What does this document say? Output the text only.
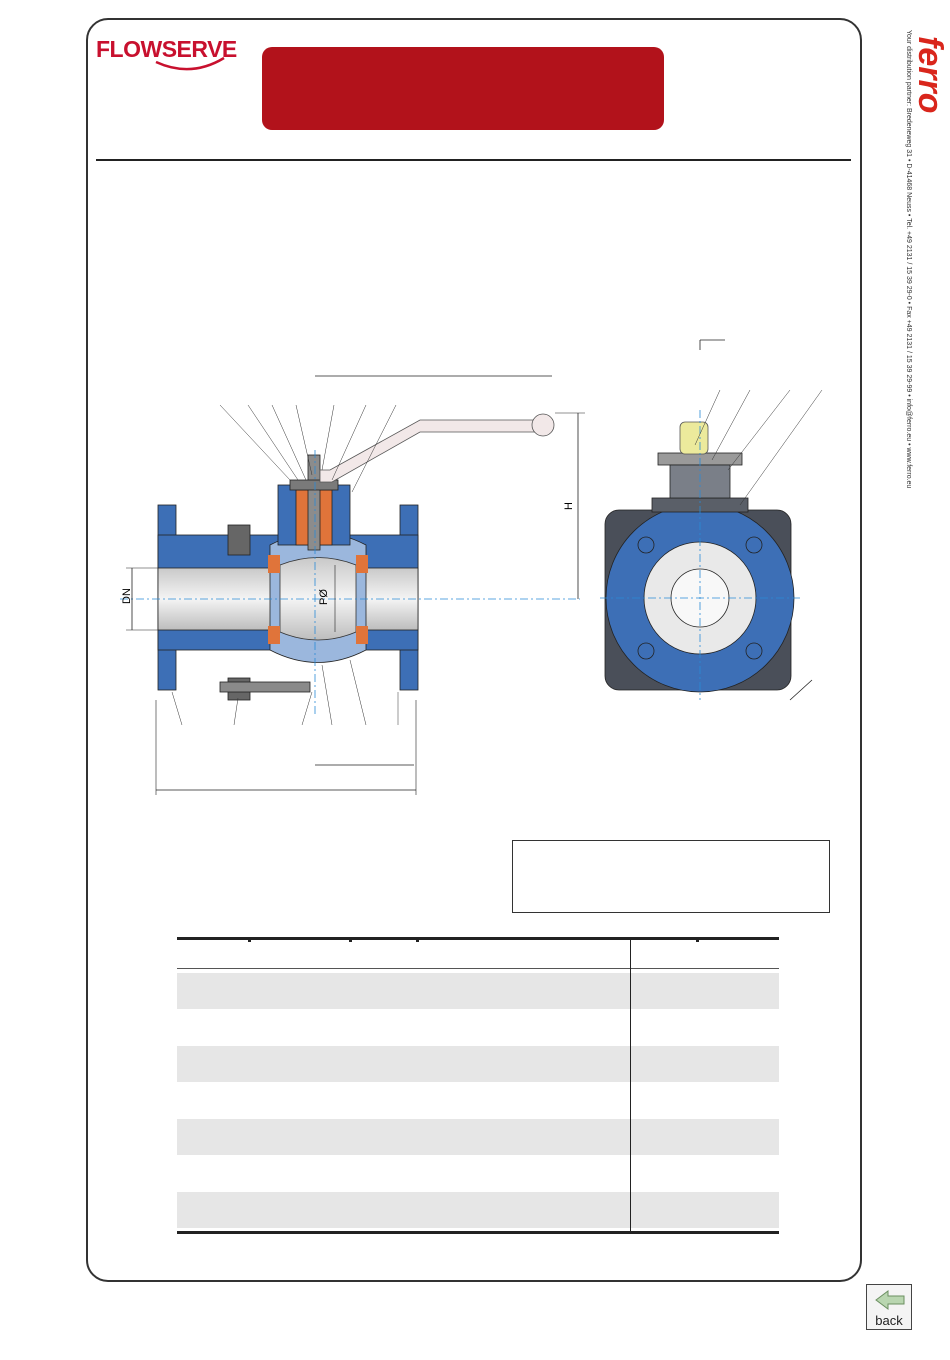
FLOWSERVE
DN
H
PØ
ferro
Your distribution partner: Bredeneweg 31 • D-41468 Neuss • Tel. +49 2131 / 15 39 29-0 • Fax +49 2131 / 15 39 29-99 • info@ferro.eu • www.ferro.eu
back
